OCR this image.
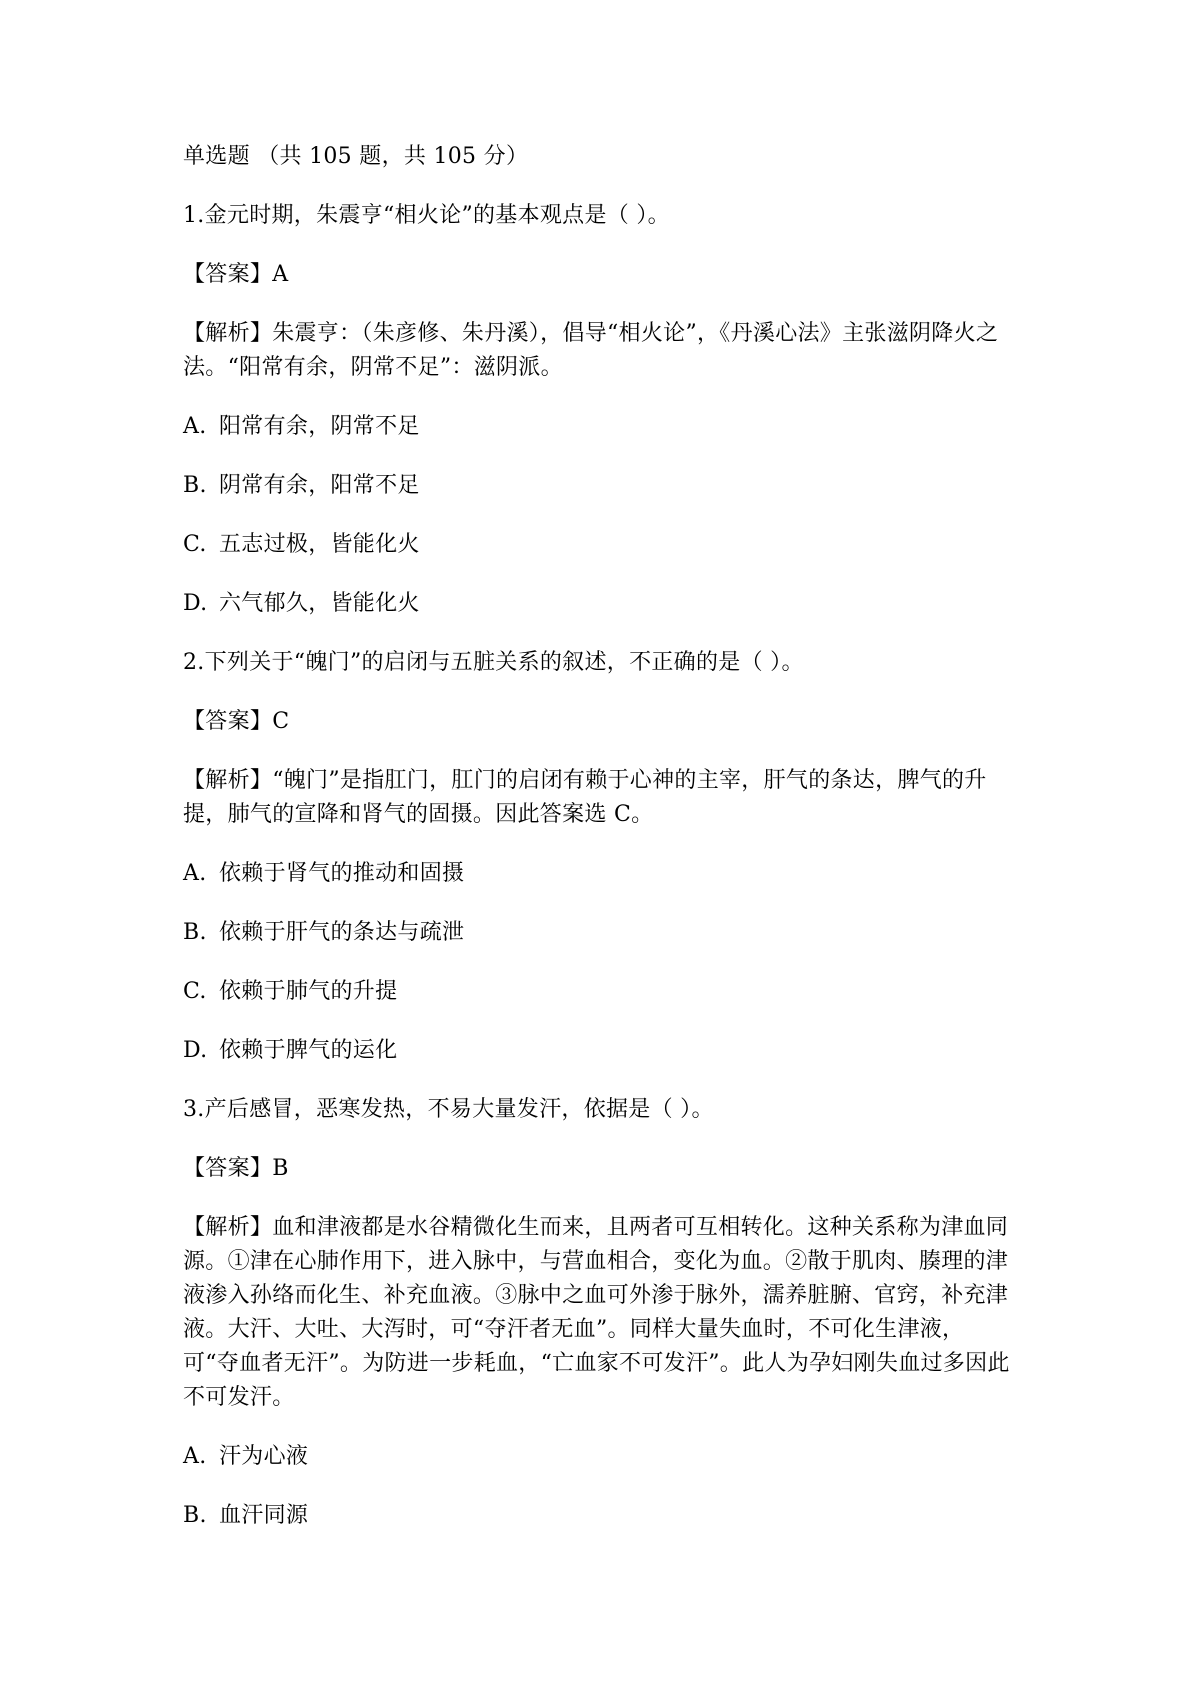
单选题 （共 105 题，共 105 分）
1.金元时期，朱震亨“相火论”的基本观点是（ ）。
【答案】A
【解析】朱震亨：（朱彦修、朱丹溪），倡导“相火论”，《丹溪心法》主张滋阴降火之法。“阳常有余，阴常不足”：滋阴派。
A. 阳常有余，阴常不足
B. 阴常有余，阳常不足
C. 五志过极，皆能化火
D. 六气郁久，皆能化火
2.下列关于“魄门”的启闭与五脏关系的叙述，不正确的是（ ）。
【答案】C
【解析】“魄门”是指肛门，肛门的启闭有赖于心神的主宰，肝气的条达，脾气的升提，肺气的宣降和肾气的固摄。因此答案选 C。
A. 依赖于肾气的推动和固摄
B. 依赖于肝气的条达与疏泄
C. 依赖于肺气的升提
D. 依赖于脾气的运化
3.产后感冒，恶寒发热，不易大量发汗，依据是（ ）。
【答案】B
【解析】血和津液都是水谷精微化生而来，且两者可互相转化。这种关系称为津血同源。①津在心肺作用下，进入脉中，与营血相合，变化为血。②散于肌肉、腠理的津液渗入孙络而化生、补充血液。③脉中之血可外渗于脉外，濡养脏腑、官窍，补充津液。大汗、大吐、大泻时，可“夺汗者无血”。同样大量失血时，不可化生津液，可“夺血者无汗”。为防进一步耗血，“亡血家不可发汗”。此人为孕妇刚失血过多因此不可发汗。
A. 汗为心液
B. 血汗同源
